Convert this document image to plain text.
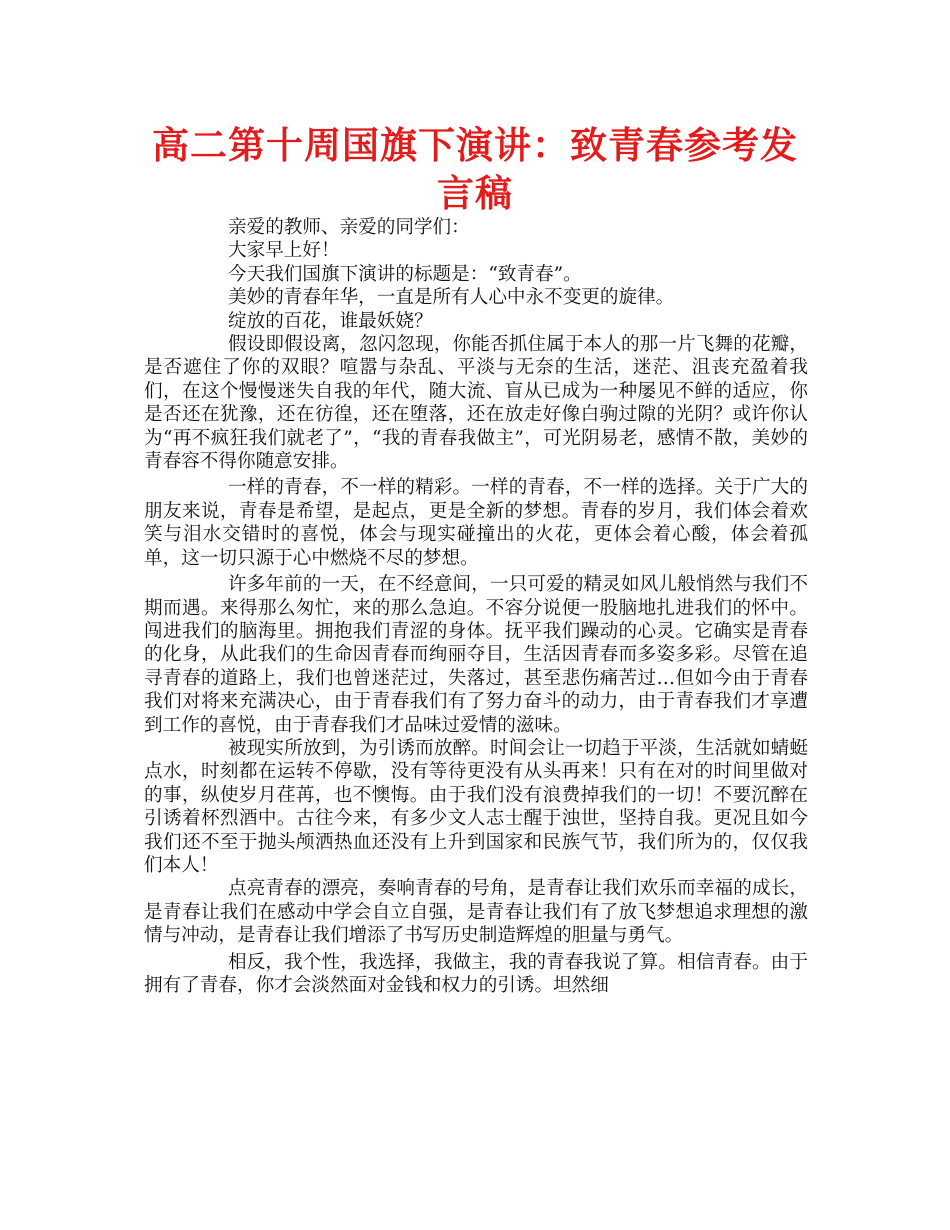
高二第十周国旗下演讲：致青春参考发言稿

亲爱的教师、亲爱的同学们：

大家早上好！

今天我们国旗下演讲的标题是：“致青春”。

美妙的青春年华，一直是所有人心中永不变更的旋律。

绽放的百花，谁最妖娆？

假设即假设离，忽闪忽现，你能否抓住属于本人的那一片飞舞的花瓣，是否遮住了你的双眼？喧嚣与杂乱、平淡与无奈的生活，迷茫、沮丧充盈着我们，在这个慢慢迷失自我的年代，随大流、盲从已成为一种屡见不鲜的适应，你是否还在犹豫，还在彷徨，还在堕落，还在放走好像白驹过隙的光阴？或许你认为“再不疯狂我们就老了”，“我的青春我做主”，可光阴易老，感情不散，美妙的青春容不得你随意安排。

一样的青春，不一样的精彩。一样的青春，不一样的选择。关于广大的朋友来说，青春是希望，是起点，更是全新的梦想。青春的岁月，我们体会着欢笑与泪水交错时的喜悦，体会与现实碰撞出的火花，更体会着心酸，体会着孤单，这一切只源于心中燃烧不尽的梦想。

许多年前的一天，在不经意间，一只可爱的精灵如风儿般悄然与我们不期而遇。来得那么匆忙，来的那么急迫。不容分说便一股脑地扎进我们的怀中。闯进我们的脑海里。拥抱我们青涩的身体。抚平我们躁动的心灵。它确实是青春的化身，从此我们的生命因青春而绚丽夺目，生活因青春而多姿多彩。尽管在追寻青春的道路上，我们也曾迷茫过，失落过，甚至悲伤痛苦过…但如今由于青春我们对将来充满决心，由于青春我们有了努力奋斗的动力，由于青春我们才享遭到工作的喜悦，由于青春我们才品味过爱情的滋味。

被现实所放到，为引诱而放醉。时间会让一切趋于平淡，生活就如蜻蜓点水，时刻都在运转不停歇，没有等待更没有从头再来！只有在对的时间里做对的事，纵使岁月荏苒，也不懊悔。由于我们没有浪费掉我们的一切！不要沉醉在引诱着杯烈酒中。古往今来，有多少文人志士醒于浊世，坚持自我。更况且如今我们还不至于抛头颅洒热血还没有上升到国家和民族气节，我们所为的，仅仅我们本人！

点亮青春的漂亮，奏响青春的号角，是青春让我们欢乐而幸福的成长，是青春让我们在感动中学会自立自强，是青春让我们有了放飞梦想追求理想的激情与冲动，是青春让我们增添了书写历史制造辉煌的胆量与勇气。

相反，我个性，我选择，我做主，我的青春我说了算。相信青春。由于拥有了青春，你才会淡然面对金钱和权力的引诱。坦然细
